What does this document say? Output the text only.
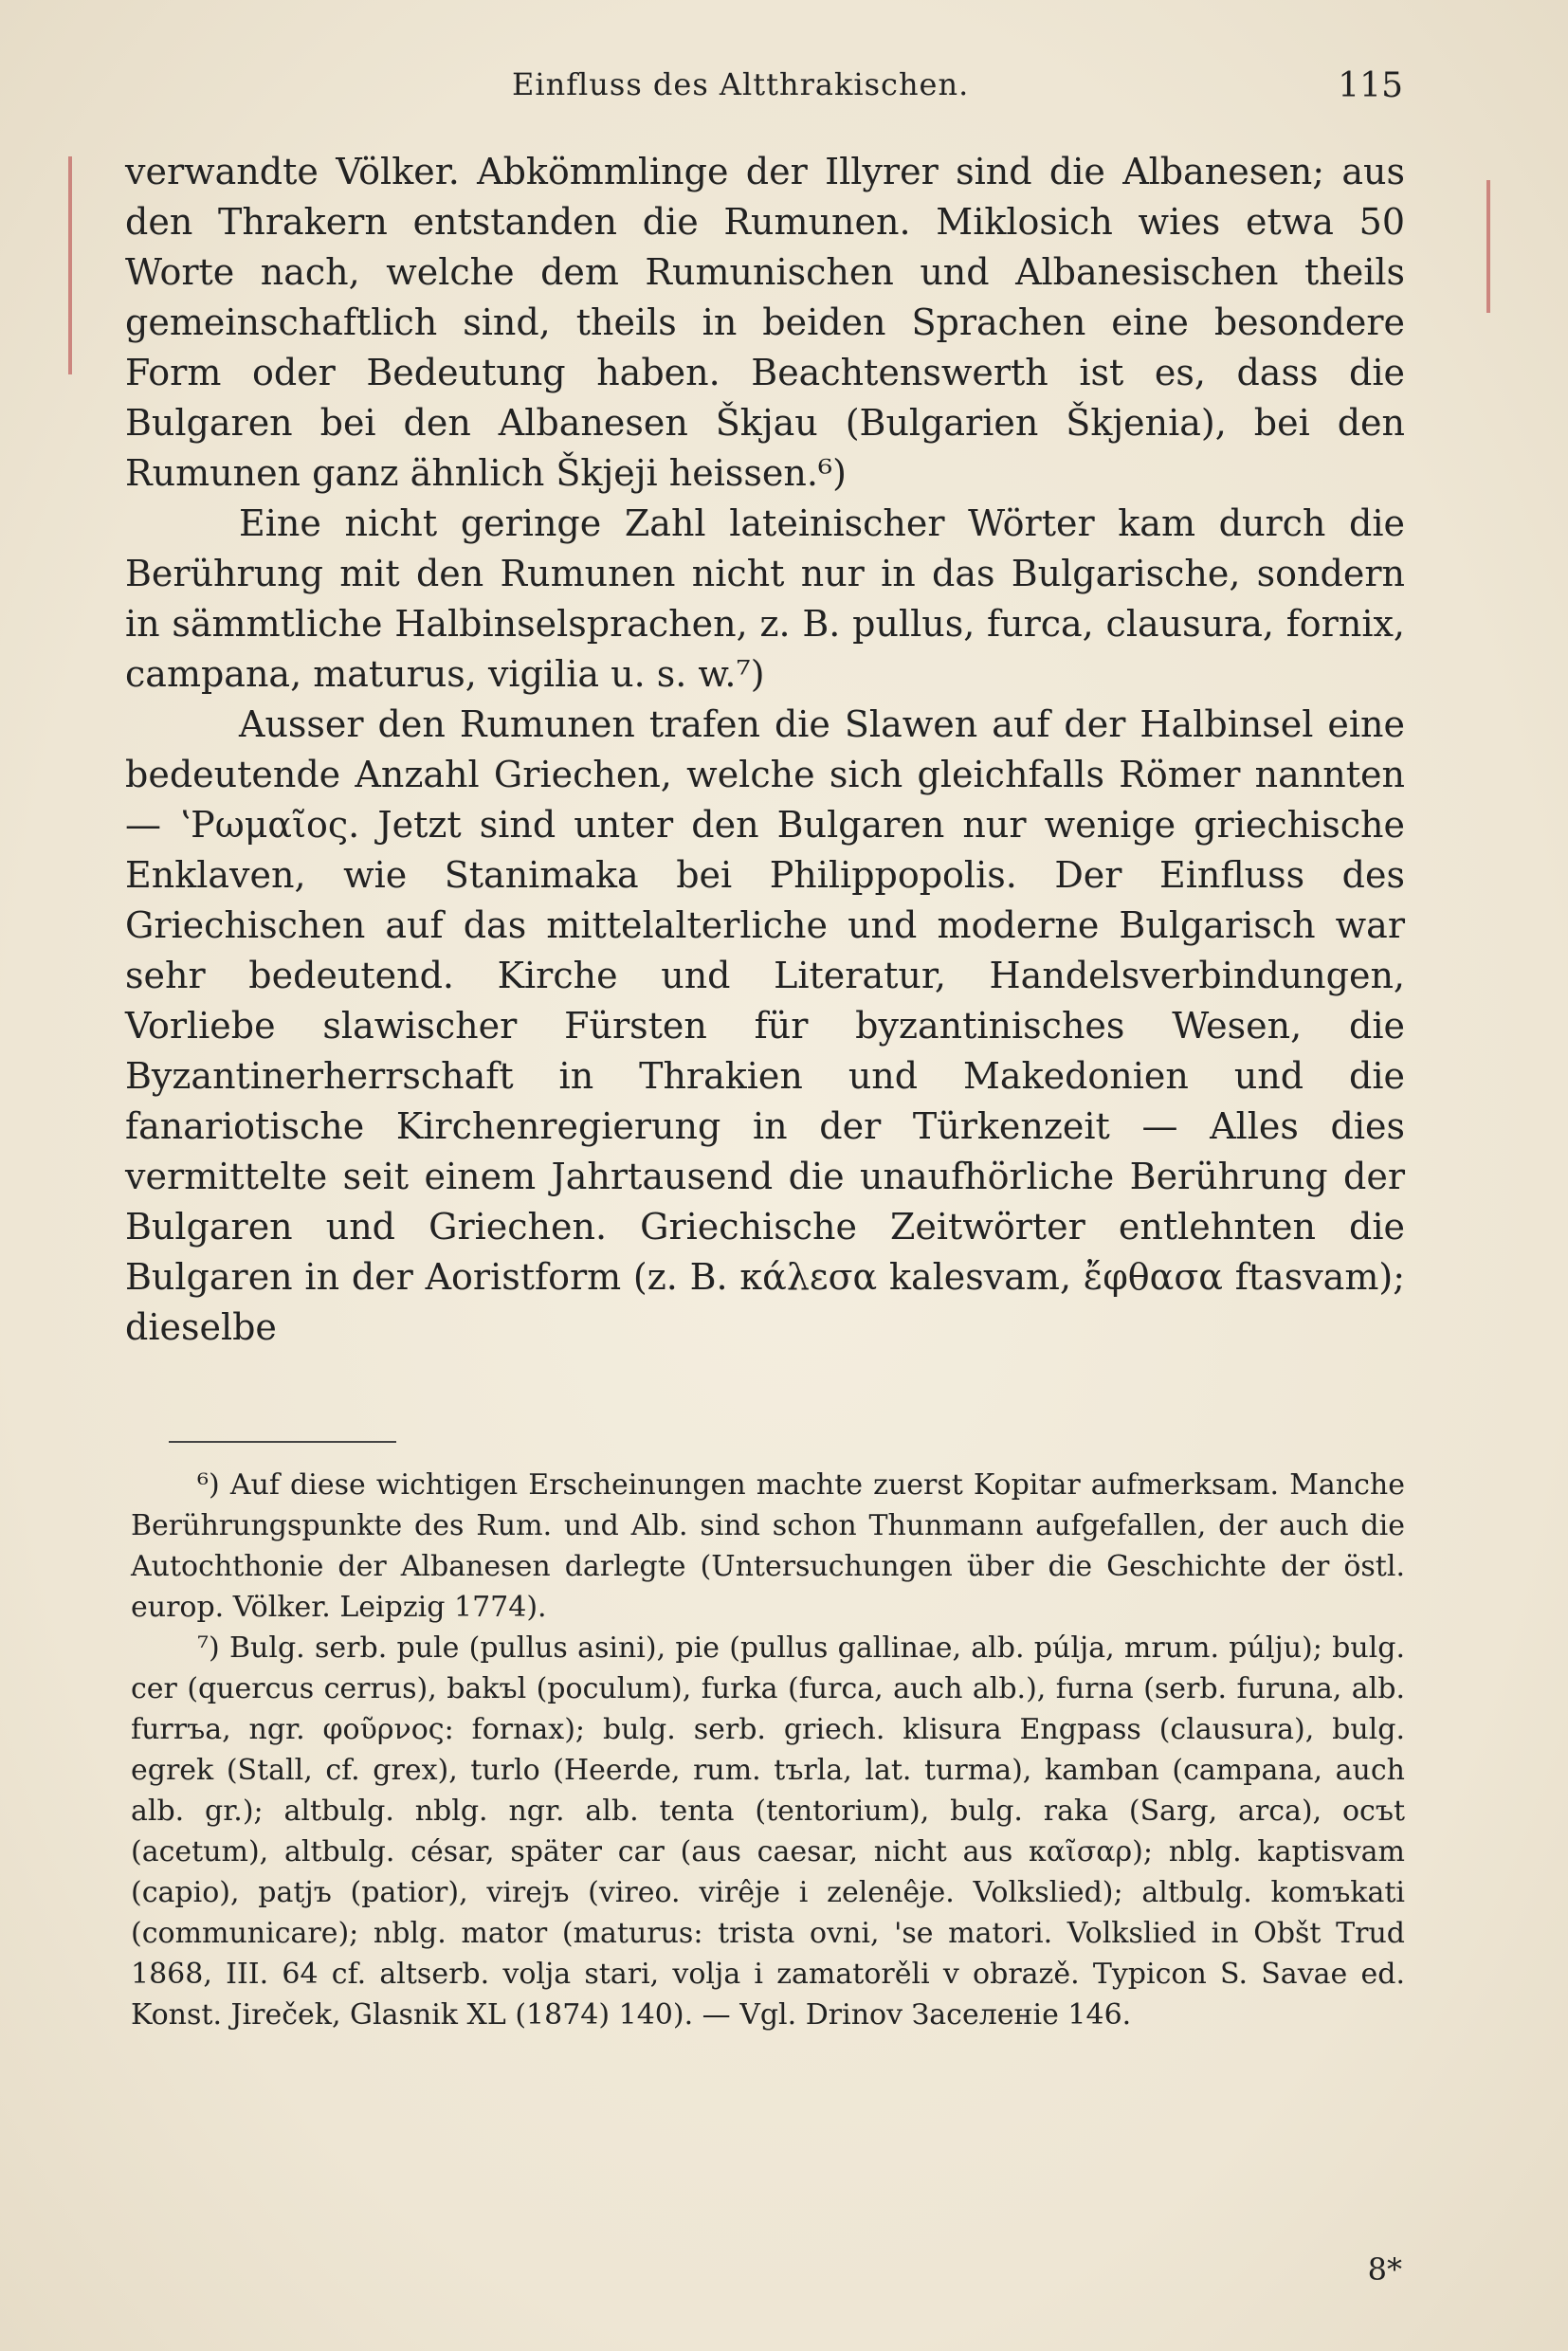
Einfluss des Altthrakischen.	115

verwandte Völker. Abkömmlinge der Illyrer sind die Albanesen; aus den Thrakern entstanden die Rumunen. Miklosich wies etwa 50 Worte nach, welche dem Rumunischen und Albanesischen theils gemeinschaftlich sind, theils in beiden Sprachen eine besondere Form oder Bedeutung haben. Beachtenswerth ist es, dass die Bulgaren bei den Albanesen Škjau (Bulgarien Škjenia), bei den Rumunen ganz ähnlich Škjeji heissen.⁶)

Eine nicht geringe Zahl lateinischer Wörter kam durch die Berührung mit den Rumunen nicht nur in das Bulgarische, sondern in sämmtliche Halbinselsprachen, z. B. pullus, furca, clausura, fornix, campana, maturus, vigilia u. s. w.⁷)

Ausser den Rumunen trafen die Slawen auf der Halbinsel eine bedeutende Anzahl Griechen, welche sich gleichfalls Römer nannten — ʽΡωμαῖος. Jetzt sind unter den Bulgaren nur wenige griechische Enklaven, wie Stanimaka bei Philippopolis. Der Einfluss des Griechischen auf das mittelalterliche und moderne Bulgarisch war sehr bedeutend. Kirche und Literatur, Handelsverbindungen, Vorliebe slawischer Fürsten für byzantinisches Wesen, die Byzantinerherrschaft in Thrakien und Makedonien und die fanariotische Kirchenregierung in der Türkenzeit — Alles dies vermittelte seit einem Jahrtausend die unaufhörliche Berührung der Bulgaren und Griechen. Griechische Zeitwörter entlehnten die Bulgaren in der Aoristform (z. B. κάλεσα kalesvam, ἔφθασα ftasvam); dieselbe

⁶) Auf diese wichtigen Erscheinungen machte zuerst Kopitar aufmerksam. Manche Berührungspunkte des Rum. und Alb. sind schon Thunmann aufgefallen, der auch die Autochthonie der Albanesen darlegte (Untersuchungen über die Geschichte der östl. europ. Völker. Leipzig 1774).

⁷) Bulg. serb. pule (pullus asini), pie (pullus gallinae, alb. púlja, mrum. púlju); bulg. cer (quercus cerrus), bakъl (poculum), furka (furca, auch alb.), furna (serb. furuna, alb. furrъa, ngr. φοῦρνος: fornax); bulg. serb. griech. klisura Engpass (clausura), bulg. egrek (Stall, cf. grex), turlo (Heerde, rum. tъrla, lat. turma), kamban (campana, auch alb. gr.); altbulg. nblg. ngr. alb. tenta (tentorium), bulg. raka (Sarg, arca), ocъt (acetum), altbulg. césar, später car (aus caesar, nicht aus καῖσαρ); nblg. kaptisvam (capio), patjъ (patior), virejъ (vireo. virêje i zelenêje. Volkslied); altbulg. komъkati (communicare); nblg. mator (maturus: trista ovni, 'se matori. Volkslied in Obšt Trud 1868, III. 64 cf. altserb. volja stari, volja i zamatorěli v obrazě. Typicon S. Savae ed. Konst. Jireček, Glasnik XL (1874) 140). — Vgl. Drinov Заселенie 146.

8*
